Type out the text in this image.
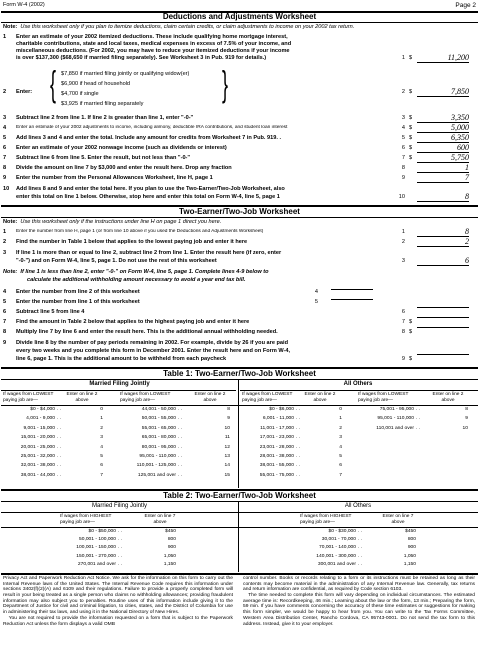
Form W-4 (2002)	Page 2
Deductions and Adjustments Worksheet
Note: Use this worksheet only if you plan to itemize deductions, claim certain credits, or claim adjustments to income on your 2002 tax return.
1	Enter an estimate of your 2002 itemized deductions. These include qualifying home mortgage interest,
charitable contributions, state and local taxes, medical expenses in excess of 7.5% of your income, and
miscellaneous deductions. (For 2002, you may have to reduce your itemized deductions if your income
is over $137,300 ($68,650 if married filing separately). See Worksheet 3 in Pub. 919 for details.)	1 $	11,200
2	Enter: { $7,850 if married filing jointly or qualifying widow(er)
$6,900 if head of household
$4,700 if single
$3,925 if married filing separately }	2 $	7,850
3	Subtract line 2 from line 1. If line 2 is greater than line 1, enter "-0-"	3 $	3,350
4	Enter an estimate of your 2002 adjustments to income, including alimony, deductible IRA contributions, and student loan interest	4 $	5,000
5	Add lines 3 and 4 and enter the total. Include any amount for credits from Worksheet 7 in Pub. 919. .	5 $	6,350
6	Enter an estimate of your 2002 nonwage income (such as dividends or interest)	6 $	600
7	Subtract line 6 from line 5. Enter the result, but not less than "-0-"	7 $	5,750
8	Divide the amount on line 7 by $3,000 and enter the result here. Drop any fraction	8	1
9	Enter the number from the Personal Allowances Worksheet, line H, page 1	9	7
10	Add lines 8 and 9 and enter the total here. If you plan to use the Two-Earner/Two-Job Worksheet, also
enter this total on line 1 below. Otherwise, stop here and enter this total on Form W-4, line 5, page 1	10	8
Two-Earner/Two-Job Worksheet
Note: Use this worksheet only if the instructions under line H on page 1 direct you here.
1	Enter the number from line H, page 1 (or from line 10 above if you used the Deductions and Adjustments Worksheet)	1	8
2	Find the number in Table 1 below that applies to the lowest paying job and enter it here	2	2
3	If line 1 is more than or equal to line 2, subtract line 2 from line 1. Enter the result here (if zero, enter
"-0-") and on Form W-4, line 5, page 1. Do not use the rest of this worksheet	3	6
Note: If line 1 is less than line 2, enter "-0-" on Form W-4, line 5, page 1. Complete lines 4-9 below to
calculate the additional withholding amount necessary to avoid a year end tax bill.
4	Enter the number from line 2 of this worksheet	4
5	Enter the number from line 1 of this worksheet	5
6	Subtract line 5 from line 4	6
7	Find the amount in Table 2 below that applies to the highest paying job and enter it here	7 $
8	Multiply line 7 by line 6 and enter the result here. This is the additional annual withholding needed.	8 $
9	Divide line 8 by the number of pay periods remaining in 2002. For example, divide by 26 if you are paid
every two weeks and you complete this form in December 2001. Enter the result here and on Form W-4,
line 6, page 1. This is the additional amount to be withheld from each paycheck	9 $
Table 1: Two-Earner/Two-Job Worksheet
Married Filing Jointly	All Others
If wages from LOWEST paying job are—
Enter on line 2 above
If wages from LOWEST paying job are—
Enter on line 2 above
If wages from LOWEST paying job are—
Enter on line 2 above
If wages from LOWEST paying job are—
Enter on line 2 above
$0 - $4,000 . .	0
4,001 - 9,000 . .	1
9,001 - 15,000 . .	2
15,001 - 20,000 . .	3
20,001 - 25,000 . .	4
25,001 - 32,000 . .	5
32,001 - 38,000 . .	6
38,001 - 44,000 . .	7
44,001 - 50,000 . .	8
50,001 - 55,000 . .	9
55,001 - 65,000 . .	10
65,001 - 80,000 . .	11
80,001 - 95,000 . .	12
95,001 - 110,000 . .	13
110,001 - 125,000 . .	14
125,001 and over . .	15
$0 - $6,000 . .	0
6,001 - 11,000 . .	1
11,001 - 17,000 . .	2
17,001 - 23,000 . .	3
23,001 - 28,000 . .	4
28,001 - 38,000 . .	5
38,001 - 55,000 . .	6
55,001 - 75,000 . .	7
75,001 - 95,000 . .	8
95,001 - 110,000 . .	9
110,001 and over . .	10
Table 2: Two-Earner/Two-Job Worksheet
Married Filing Jointly	All Others
If wages from HIGHEST paying job are—
Enter on line 7 above
If wages from HIGHEST paying job are—
Enter on line 7 above
$0 - $50,000 . .	$450
50,001 - 100,000 . .	800
100,001 - 150,000 . .	900
150,001 - 270,000 . .	1,050
270,001 and over . .	1,150
$0 - $30,000 . .	$450
30,001 - 70,000 . .	800
70,001 - 140,000 . .	900
140,001 - 300,000 . .	1,050
300,001 and over . .	1,150
Privacy Act and Paperwork Reduction Act Notice. We ask for the information on this form to carry out the Internal Revenue laws of the United States. The Internal Revenue Code requires this information under sections 3402(f)(2)(A) and 6109 and their regulations. Failure to provide a properly completed form will result in your being treated as a single person who claims no withholding allowances; providing fraudulent information may also subject you to penalties. Routine uses of this information include giving it to the Department of Justice for civil and criminal litigation, to cities, states, and the District of Columbia for use in administering their tax laws, and using it in the National Directory of New Hires.
You are not required to provide the information requested on a form that is subject to the Paperwork Reduction Act unless the form displays a valid OMB
control number. Books or records relating to a form or its instructions must be retained as long as their contents may become material in the administration of any Internal Revenue law. Generally, tax returns and return information are confidential, as required by Code section 6103.
The time needed to complete this form will vary depending on individual circumstances. The estimated average time is: Recordkeeping, 46 min.; Learning about the law or the form, 13 min.; Preparing the form, 59 min. If you have comments concerning the accuracy of these time estimates or suggestions for making this form simpler, we would be happy to hear from you. You can write to the Tax Forms Committee, Western Area Distribution Center, Rancho Cordova, CA 95743-0001. Do not send the tax form to this address. Instead, give it to your employer.
